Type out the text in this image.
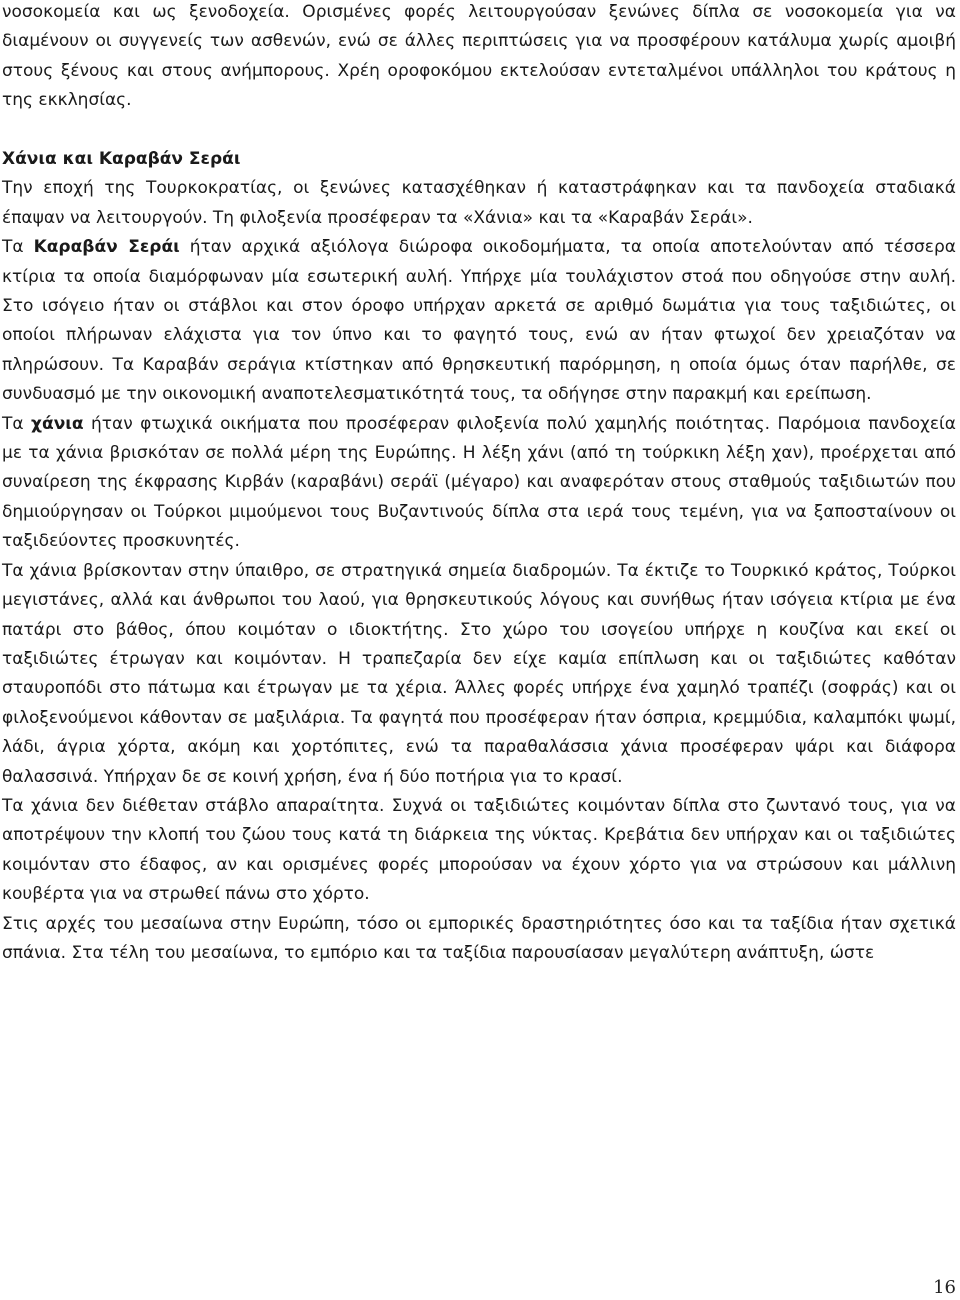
νοσοκομεία και ως ξενοδοχεία. Ορισμένες φορές λειτουργούσαν ξενώνες δίπλα σε νοσοκομεία για να διαμένουν οι συγγενείς των ασθενών, ενώ σε άλλες περιπτώσεις για να προσφέρουν κατάλυμα χωρίς αμοιβή στους ξένους και στους ανήμπορους. Χρέη οροφοκόμου εκτελούσαν εντεταλμένοι υπάλληλοι του κράτους η της εκκλησίας.

Χάνια και Καραβάν Σεράι

Την εποχή της Τουρκοκρατίας, οι ξενώνες κατασχέθηκαν ή καταστράφηκαν και τα πανδοχεία σταδιακά έπαψαν να λειτουργούν. Τη φιλοξενία προσέφεραν τα «Χάνια» και τα «Καραβάν Σεράι».

Τα Καραβάν Σεράι ήταν αρχικά αξιόλογα διώροφα οικοδομήματα, τα οποία αποτελούνταν από τέσσερα κτίρια τα οποία διαμόρφωναν μία εσωτερική αυλή. Υπήρχε μία τουλάχιστον στοά που οδηγούσε στην αυλή. Στο ισόγειο ήταν οι στάβλοι και στον όροφο υπήρχαν αρκετά σε αριθμό δωμάτια για τους ταξιδιώτες, οι οποίοι πλήρωναν ελάχιστα για τον ύπνο και το φαγητό τους, ενώ αν ήταν φτωχοί δεν χρειαζόταν να πληρώσουν. Τα Καραβάν σεράγια κτίστηκαν από θρησκευτική παρόρμηση, η οποία όμως όταν παρήλθε, σε συνδυασμό με την οικονομική αναποτελεσματικότητά τους, τα οδήγησε στην παρακμή και ερείπωση.

Τα χάνια ήταν φτωχικά οικήματα που προσέφεραν φιλοξενία πολύ χαμηλής ποιότητας. Παρόμοια πανδοχεία με τα χάνια βρισκόταν σε πολλά μέρη της Ευρώπης. Η λέξη χάνι (από τη τούρκικη λέξη χαν), προέρχεται από συναίρεση της έκφρασης Κιρβάν (καραβάνι) σεράϊ (μέγαρο) και αναφερόταν στους σταθμούς ταξιδιωτών που δημιούργησαν οι Τούρκοι μιμούμενοι τους Βυζαντινούς δίπλα στα ιερά τους τεμένη, για να ξαποσταίνουν οι ταξιδεύοντες προσκυνητές.

Τα χάνια βρίσκονταν στην ύπαιθρο, σε στρατηγικά σημεία διαδρομών. Τα έκτιζε το Τουρκικό κράτος, Τούρκοι μεγιστάνες, αλλά και άνθρωποι του λαού, για θρησκευτικούς λόγους και συνήθως ήταν ισόγεια κτίρια με ένα πατάρι στο βάθος, όπου κοιμόταν ο ιδιοκτήτης. Στο χώρο του ισογείου υπήρχε η κουζίνα και εκεί οι ταξιδιώτες έτρωγαν και κοιμόνταν. Η τραπεζαρία δεν είχε καμία επίπλωση και οι ταξιδιώτες καθόταν σταυροπόδι στο πάτωμα και έτρωγαν με τα χέρια. Άλλες φορές υπήρχε ένα χαμηλό τραπέζι (σοφράς) και οι φιλοξενούμενοι κάθονταν σε μαξιλάρια. Τα φαγητά που προσέφεραν ήταν όσπρια, κρεμμύδια, καλαμπόκι ψωμί, λάδι, άγρια χόρτα, ακόμη και χορτόπιτες, ενώ τα παραθαλάσσια χάνια προσέφεραν ψάρι και διάφορα θαλασσινά. Υπήρχαν δε σε κοινή χρήση, ένα ή δύο ποτήρια για το κρασί.

Τα χάνια δεν διέθεταν στάβλο απαραίτητα. Συχνά οι ταξιδιώτες κοιμόνταν δίπλα στο ζωντανό τους, για να αποτρέψουν την κλοπή του ζώου τους κατά τη διάρκεια της νύκτας. Κρεβάτια δεν υπήρχαν και οι ταξιδιώτες κοιμόνταν στο έδαφος, αν και ορισμένες φορές μπορούσαν να έχουν χόρτο για να στρώσουν και μάλλινη κουβέρτα για να στρωθεί πάνω στο χόρτο.

Στις αρχές του μεσαίωνα στην Ευρώπη, τόσο οι εμπορικές δραστηριότητες όσο και τα ταξίδια ήταν σχετικά σπάνια. Στα τέλη του μεσαίωνα, το εμπόριο και τα ταξίδια παρουσίασαν μεγαλύτερη ανάπτυξη, ώστε

16
